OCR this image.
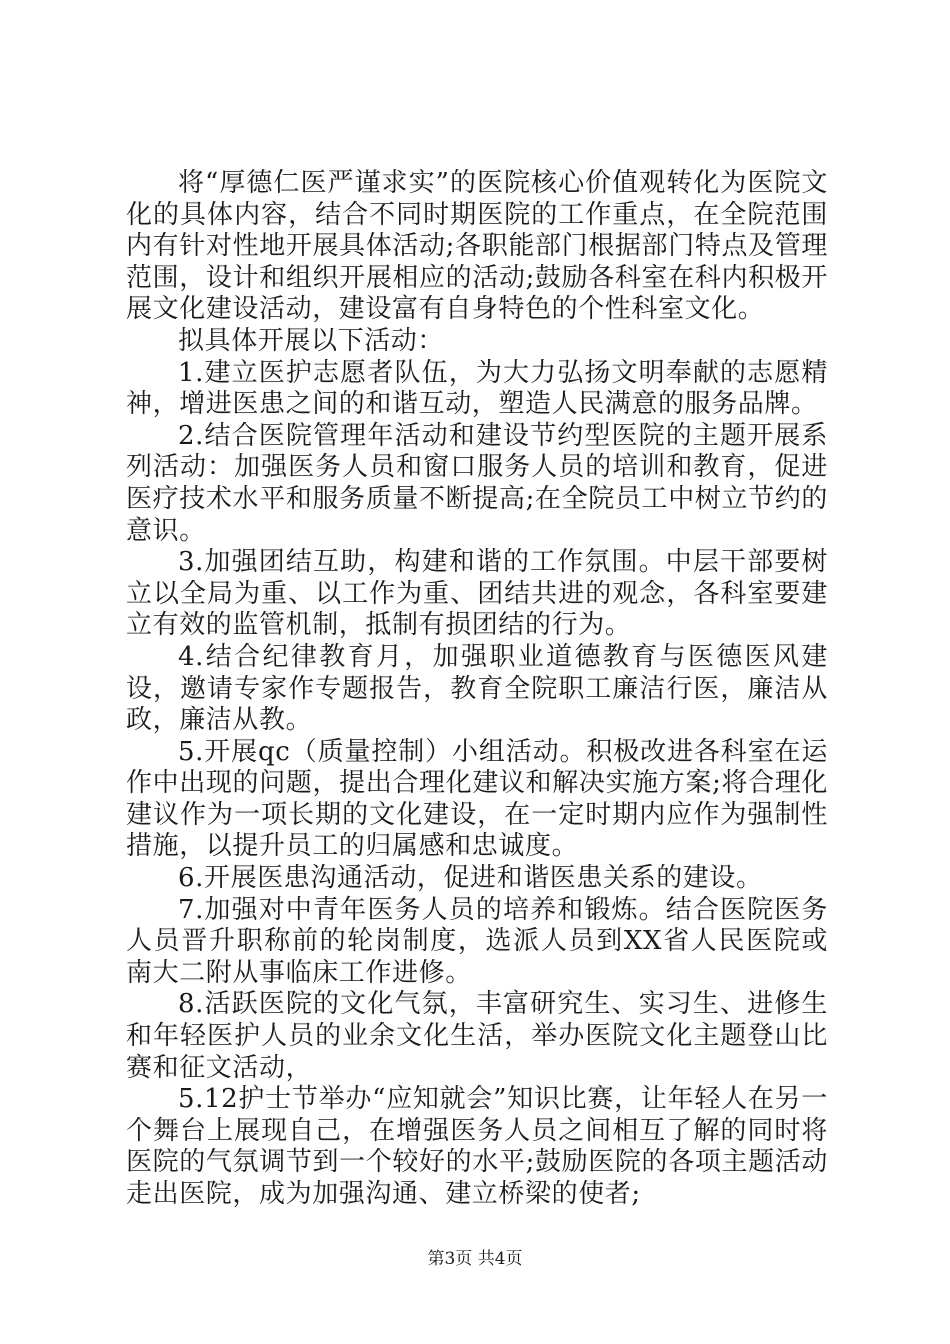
将“厚德仁医严谨求实”的医院核心价值观转化为医院文化的具体内容，结合不同时期医院的工作重点，在全院范围内有针对性地开展具体活动;各职能部门根据部门特点及管理范围，设计和组织开展相应的活动;鼓励各科室在科内积极开展文化建设活动，建设富有自身特色的个性科室文化。

拟具体开展以下活动：

1.建立医护志愿者队伍，为大力弘扬文明奉献的志愿精神，增进医患之间的和谐互动，塑造人民满意的服务品牌。

2.结合医院管理年活动和建设节约型医院的主题开展系列活动：加强医务人员和窗口服务人员的培训和教育，促进医疗技术水平和服务质量不断提高;在全院员工中树立节约的意识。

3.加强团结互助，构建和谐的工作氛围。中层干部要树立以全局为重、以工作为重、团结共进的观念，各科室要建立有效的监管机制，抵制有损团结的行为。

4.结合纪律教育月，加强职业道德教育与医德医风建设，邀请专家作专题报告，教育全院职工廉洁行医，廉洁从政，廉洁从教。

5.开展qc（质量控制）小组活动。积极改进各科室在运作中出现的问题，提出合理化建议和解决实施方案;将合理化建议作为一项长期的文化建设，在一定时期内应作为强制性措施，以提升员工的归属感和忠诚度。

6.开展医患沟通活动，促进和谐医患关系的建设。

7.加强对中青年医务人员的培养和锻炼。结合医院医务人员晋升职称前的轮岗制度，选派人员到XX省人民医院或南大二附从事临床工作进修。

8.活跃医院的文化气氛，丰富研究生、实习生、进修生和年轻医护人员的业余文化生活，举办医院文化主题登山比赛和征文活动，

5.12护士节举办“应知就会”知识比赛，让年轻人在另一个舞台上展现自己，在增强医务人员之间相互了解的同时将医院的气氛调节到一个较好的水平;鼓励医院的各项主题活动走出医院，成为加强沟通、建立桥梁的使者;

第3页 共4页
